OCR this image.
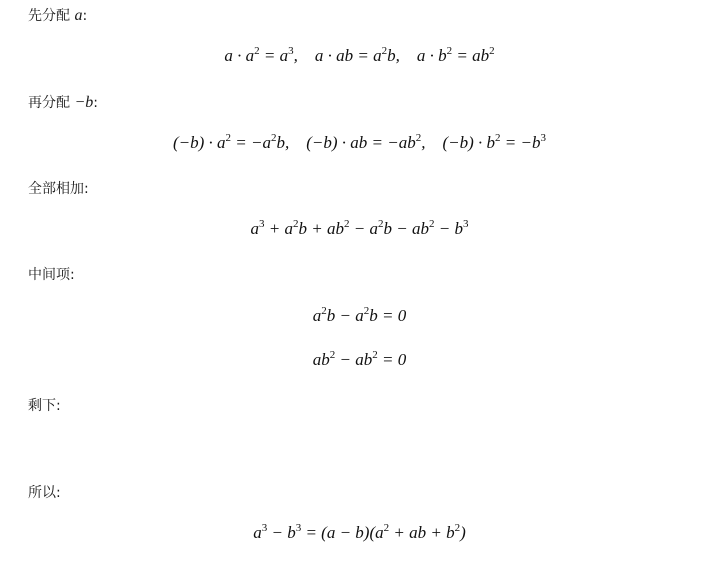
先分配 a:
$a \cdot a^2 = a^3$,    a · ab = $a^2b$,    $a \cdot b^2 = ab^2$
再分配 −b:
$(-b) \cdot a^2 = -a^2b$,    (−b) · ab = $-ab^2$,    $(-b) \cdot b^2 = -b^3$
全部相加:
$a^3 + a^2b + ab^2 - a^2b - ab^2 - b^3$
中间项:
$a^2b - a^2b = 0$
$ab^2 - ab^2 = 0$
剩下:
所以:
$a^3 - b^3 = (a - b)(a^2$ + ab + $b^2$)
